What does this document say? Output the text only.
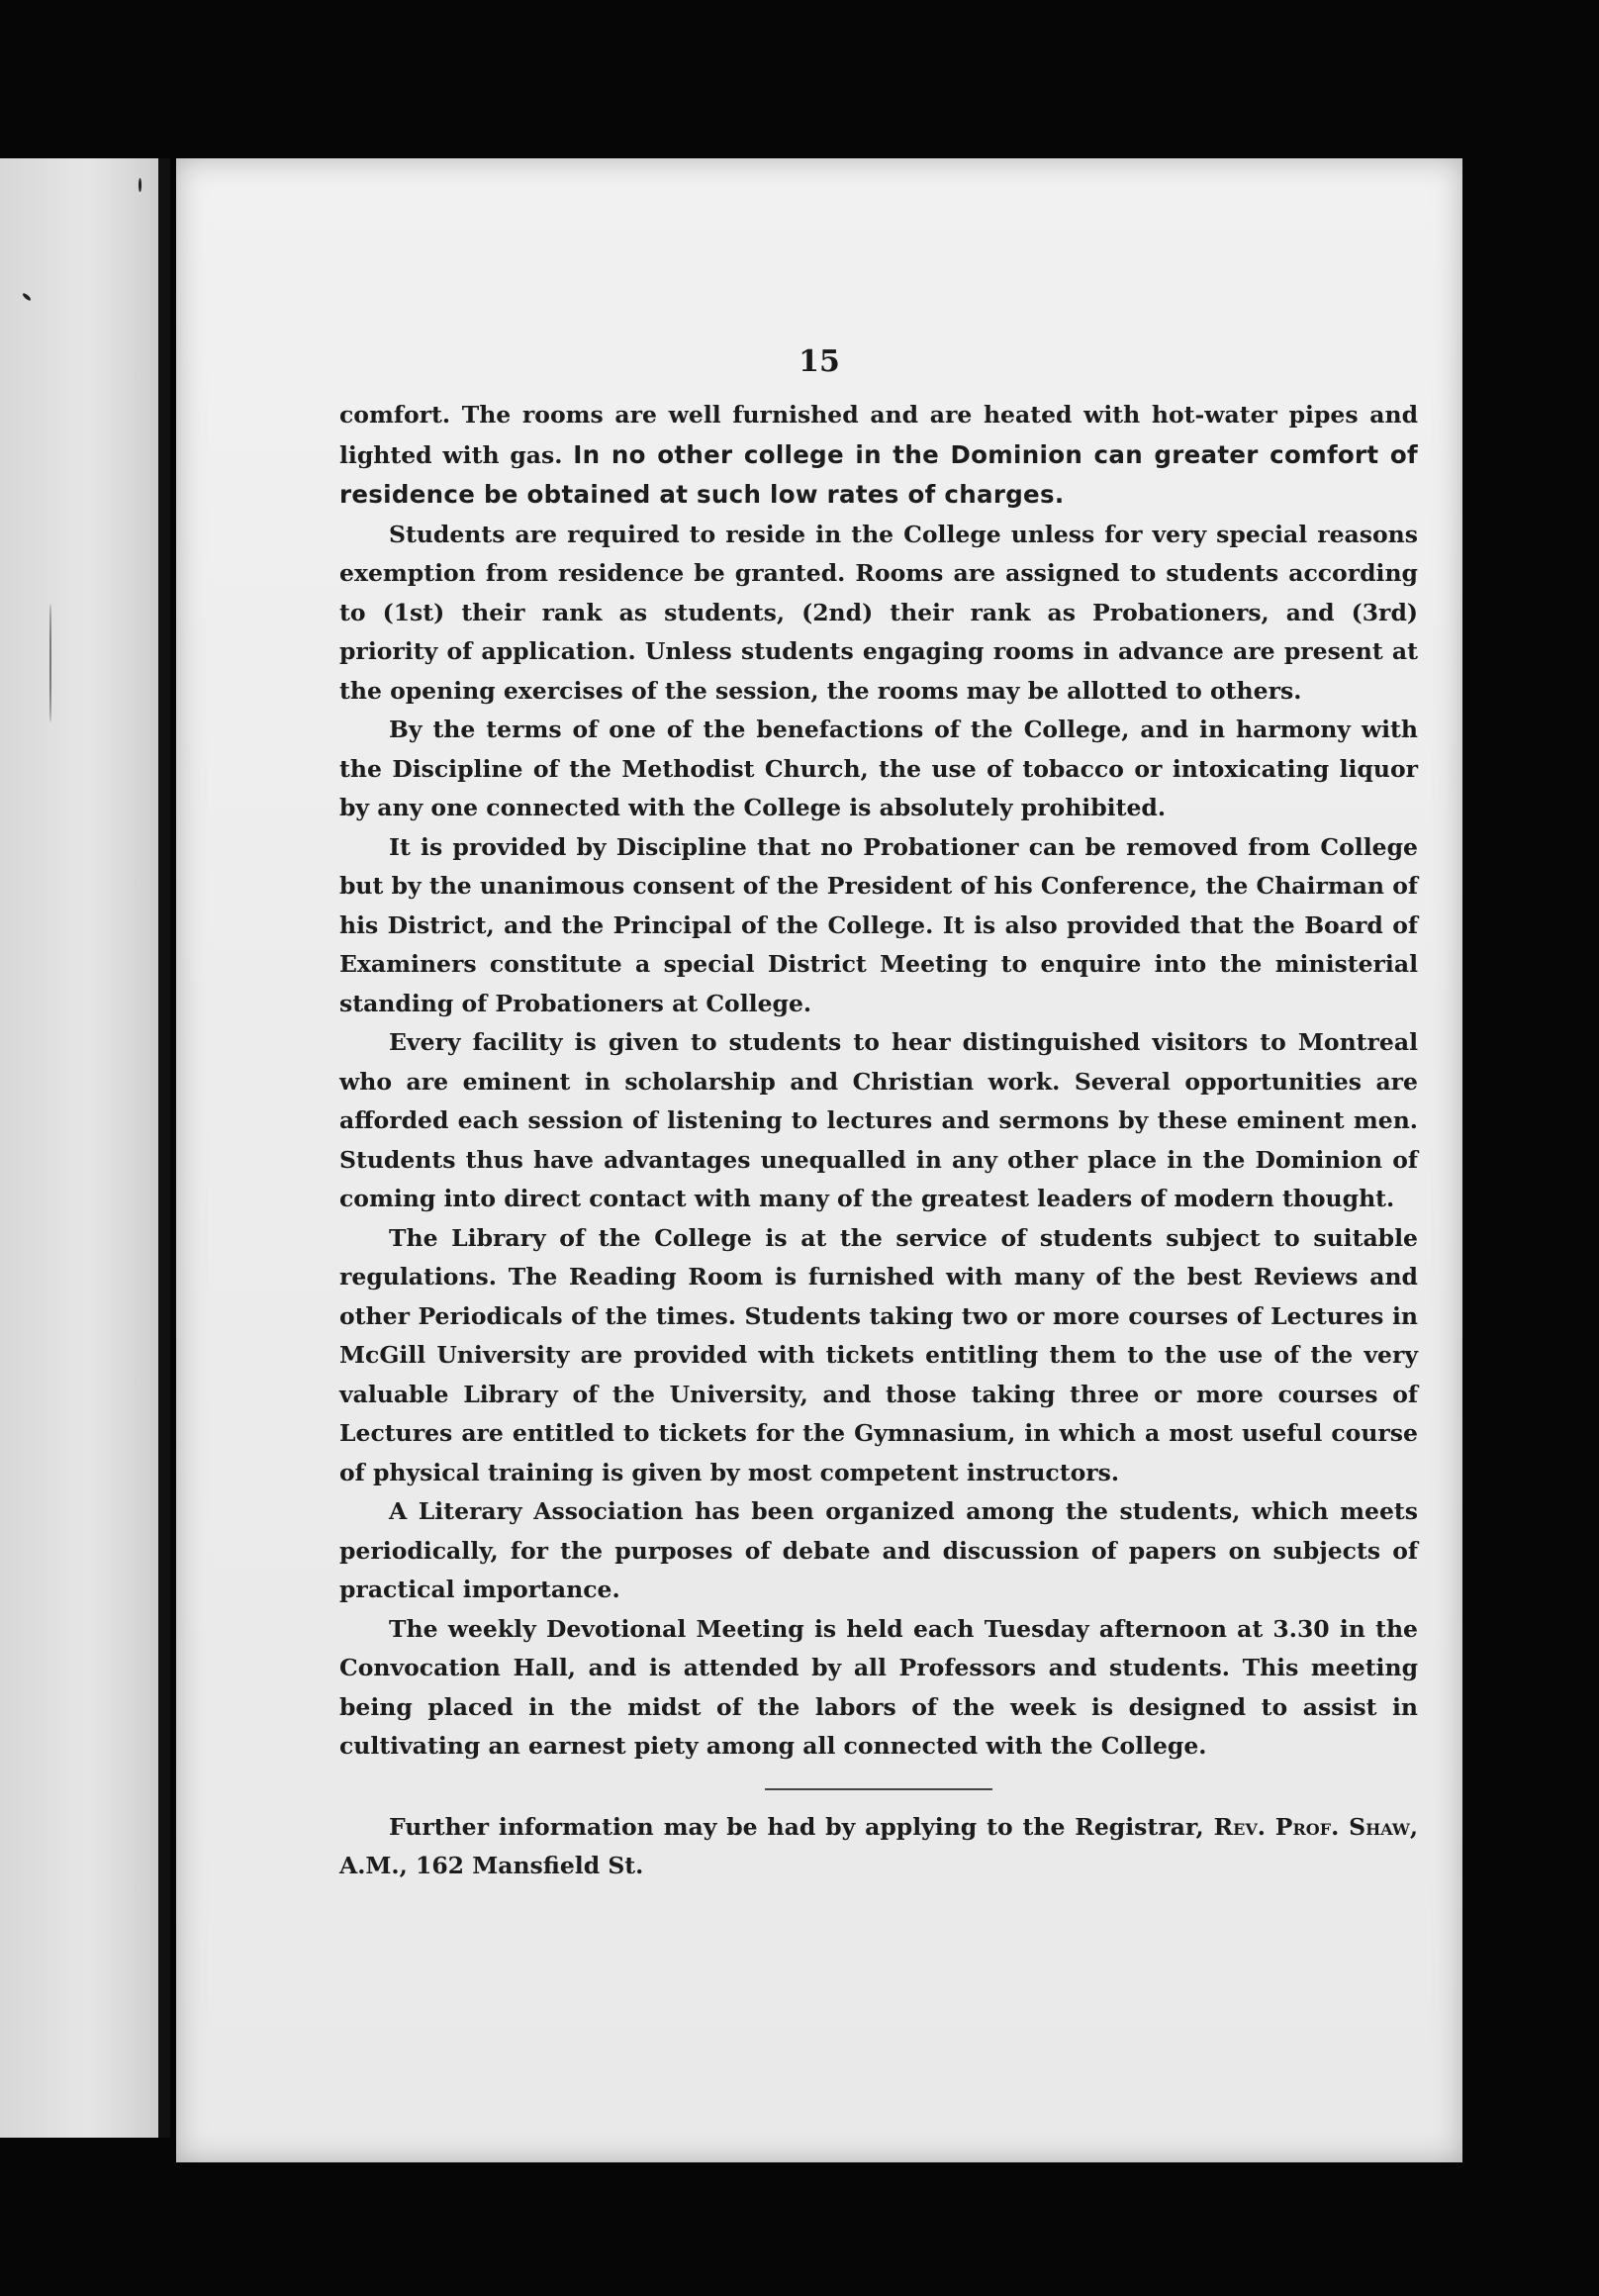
15

comfort. The rooms are well furnished and are heated with hot-water pipes and lighted with gas. In no other college in the Dominion can greater comfort of residence be obtained at such low rates of charges.

Students are required to reside in the College unless for very special reasons exemption from residence be granted. Rooms are assigned to students according to (1st) their rank as students, (2nd) their rank as Probationers, and (3rd) priority of application. Unless students engaging rooms in advance are present at the opening exercises of the session, the rooms may be allotted to others.

By the terms of one of the benefactions of the College, and in harmony with the Discipline of the Methodist Church, the use of tobacco or intoxicating liquor by any one connected with the College is absolutely prohibited.

It is provided by Discipline that no Probationer can be removed from College but by the unanimous consent of the President of his Conference, the Chairman of his District, and the Principal of the College. It is also provided that the Board of Examiners constitute a special District Meeting to enquire into the ministerial standing of Probationers at College.

Every facility is given to students to hear distinguished visitors to Montreal who are eminent in scholarship and Christian work. Several opportunities are afforded each session of listening to lectures and sermons by these eminent men. Students thus have advantages unequalled in any other place in the Dominion of coming into direct contact with many of the greatest leaders of modern thought.

The Library of the College is at the service of students subject to suitable regulations. The Reading Room is furnished with many of the best Reviews and other Periodicals of the times. Students taking two or more courses of Lectures in McGill University are provided with tickets entitling them to the use of the very valuable Library of the University, and those taking three or more courses of Lectures are entitled to tickets for the Gymnasium, in which a most useful course of physical training is given by most competent instructors.

A Literary Association has been organized among the students, which meets periodically, for the purposes of debate and discussion of papers on subjects of practical importance.

The weekly Devotional Meeting is held each Tuesday afternoon at 3.30 in the Convocation Hall, and is attended by all Professors and students. This meeting being placed in the midst of the labors of the week is designed to assist in cultivating an earnest piety among all connected with the College.

Further information may be had by applying to the Registrar, Rev. Prof. Shaw, A.M., 162 Mansfield St.
